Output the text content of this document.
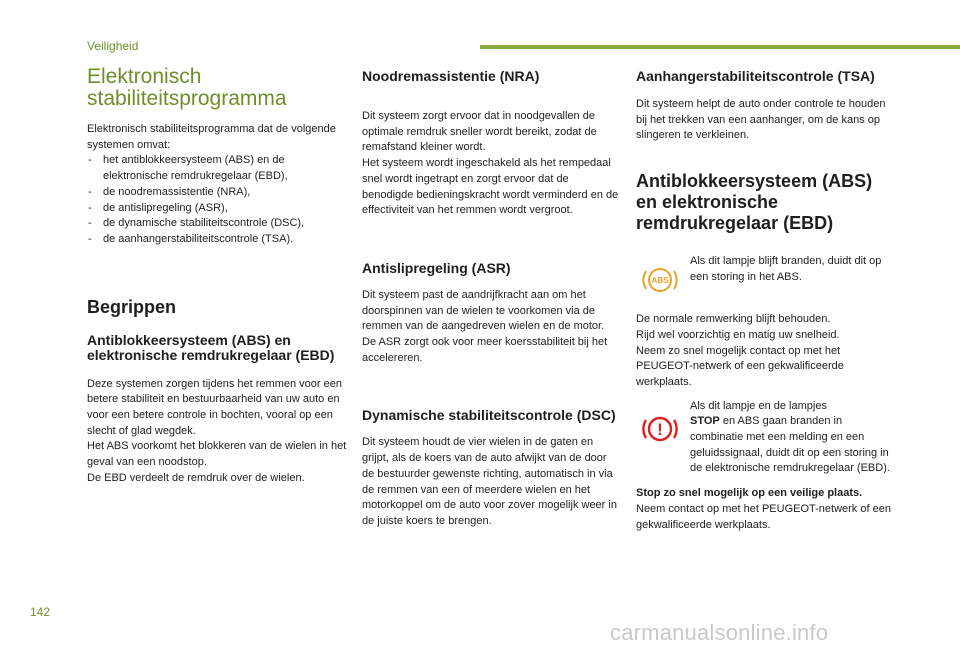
Veiligheid
Elektronisch stabiliteitsprogramma

Elektronisch stabiliteitsprogramma dat de volgende systemen omvat:

- het antiblokkeersysteem (ABS) en de elektronische remdrukregelaar (EBD),
- de noodremassistentie (NRA),
- de antislipregeling (ASR),
- de dynamische stabiliteitscontrole (DSC),
- de aanhangerstabiliteitscontrole (TSA).
Begrippen
Antiblokkeersysteem (ABS) en elektronische remdrukregelaar (EBD)

Deze systemen zorgen tijdens het remmen voor een betere stabiliteit en bestuurbaarheid van uw auto en voor een betere controle in bochten, vooral op een slecht of glad wegdek.
Het ABS voorkomt het blokkeren van de wielen in het geval van een noodstop.
De EBD verdeelt de remdruk over de wielen.

Noodremassistentie (NRA)

Dit systeem zorgt ervoor dat in noodgevallen de optimale remdruk sneller wordt bereikt, zodat de remafstand kleiner wordt.
Het systeem wordt ingeschakeld als het rempedaal snel wordt ingetrapt en zorgt ervoor dat de benodigde bedieningskracht wordt verminderd en de effectiviteit van het remmen wordt vergroot.

Antislipregeling (ASR)

Dit systeem past de aandrijfkracht aan om het doorspinnen van de wielen te voorkomen via de remmen van de aangedreven wielen en de motor. De ASR zorgt ook voor meer koersstabiliteit bij het accelereren.

Dynamische stabiliteitscontrole (DSC)

Dit systeem houdt de vier wielen in de gaten en grijpt, als de koers van de auto afwijkt van de door de bestuurder gewenste richting, automatisch in via de remmen van een of meerdere wielen en het motorkoppel om de auto voor zover mogelijk weer in de juiste koers te brengen.

Aanhangerstabiliteitscontrole (TSA)

Dit systeem helpt de auto onder controle te houden bij het trekken van een aanhanger, om de kans op slingeren te verkleinen.

Antiblokkeersysteem (ABS) en elektronische remdrukregelaar (EBD)
ABS

Als dit lampje blijft branden, duidt dit op een storing in het ABS.

De normale remwerking blijft behouden.
Rijd wel voorzichtig en matig uw snelheid.
Neem zo snel mogelijk contact op met het PEUGEOT-netwerk of een gekwalificeerde werkplaats.

!

Als dit lampje en de lampjes
STOP en ABS gaan branden in combinatie met een melding en een geluidssignaal, duidt dit op een storing in de elektronische remdrukregelaar (EBD).

Stop zo snel mogelijk op een veilige plaats.

Neem contact op met het PEUGEOT-netwerk of een gekwalificeerde werkplaats.

142
carmanualsonline.info
